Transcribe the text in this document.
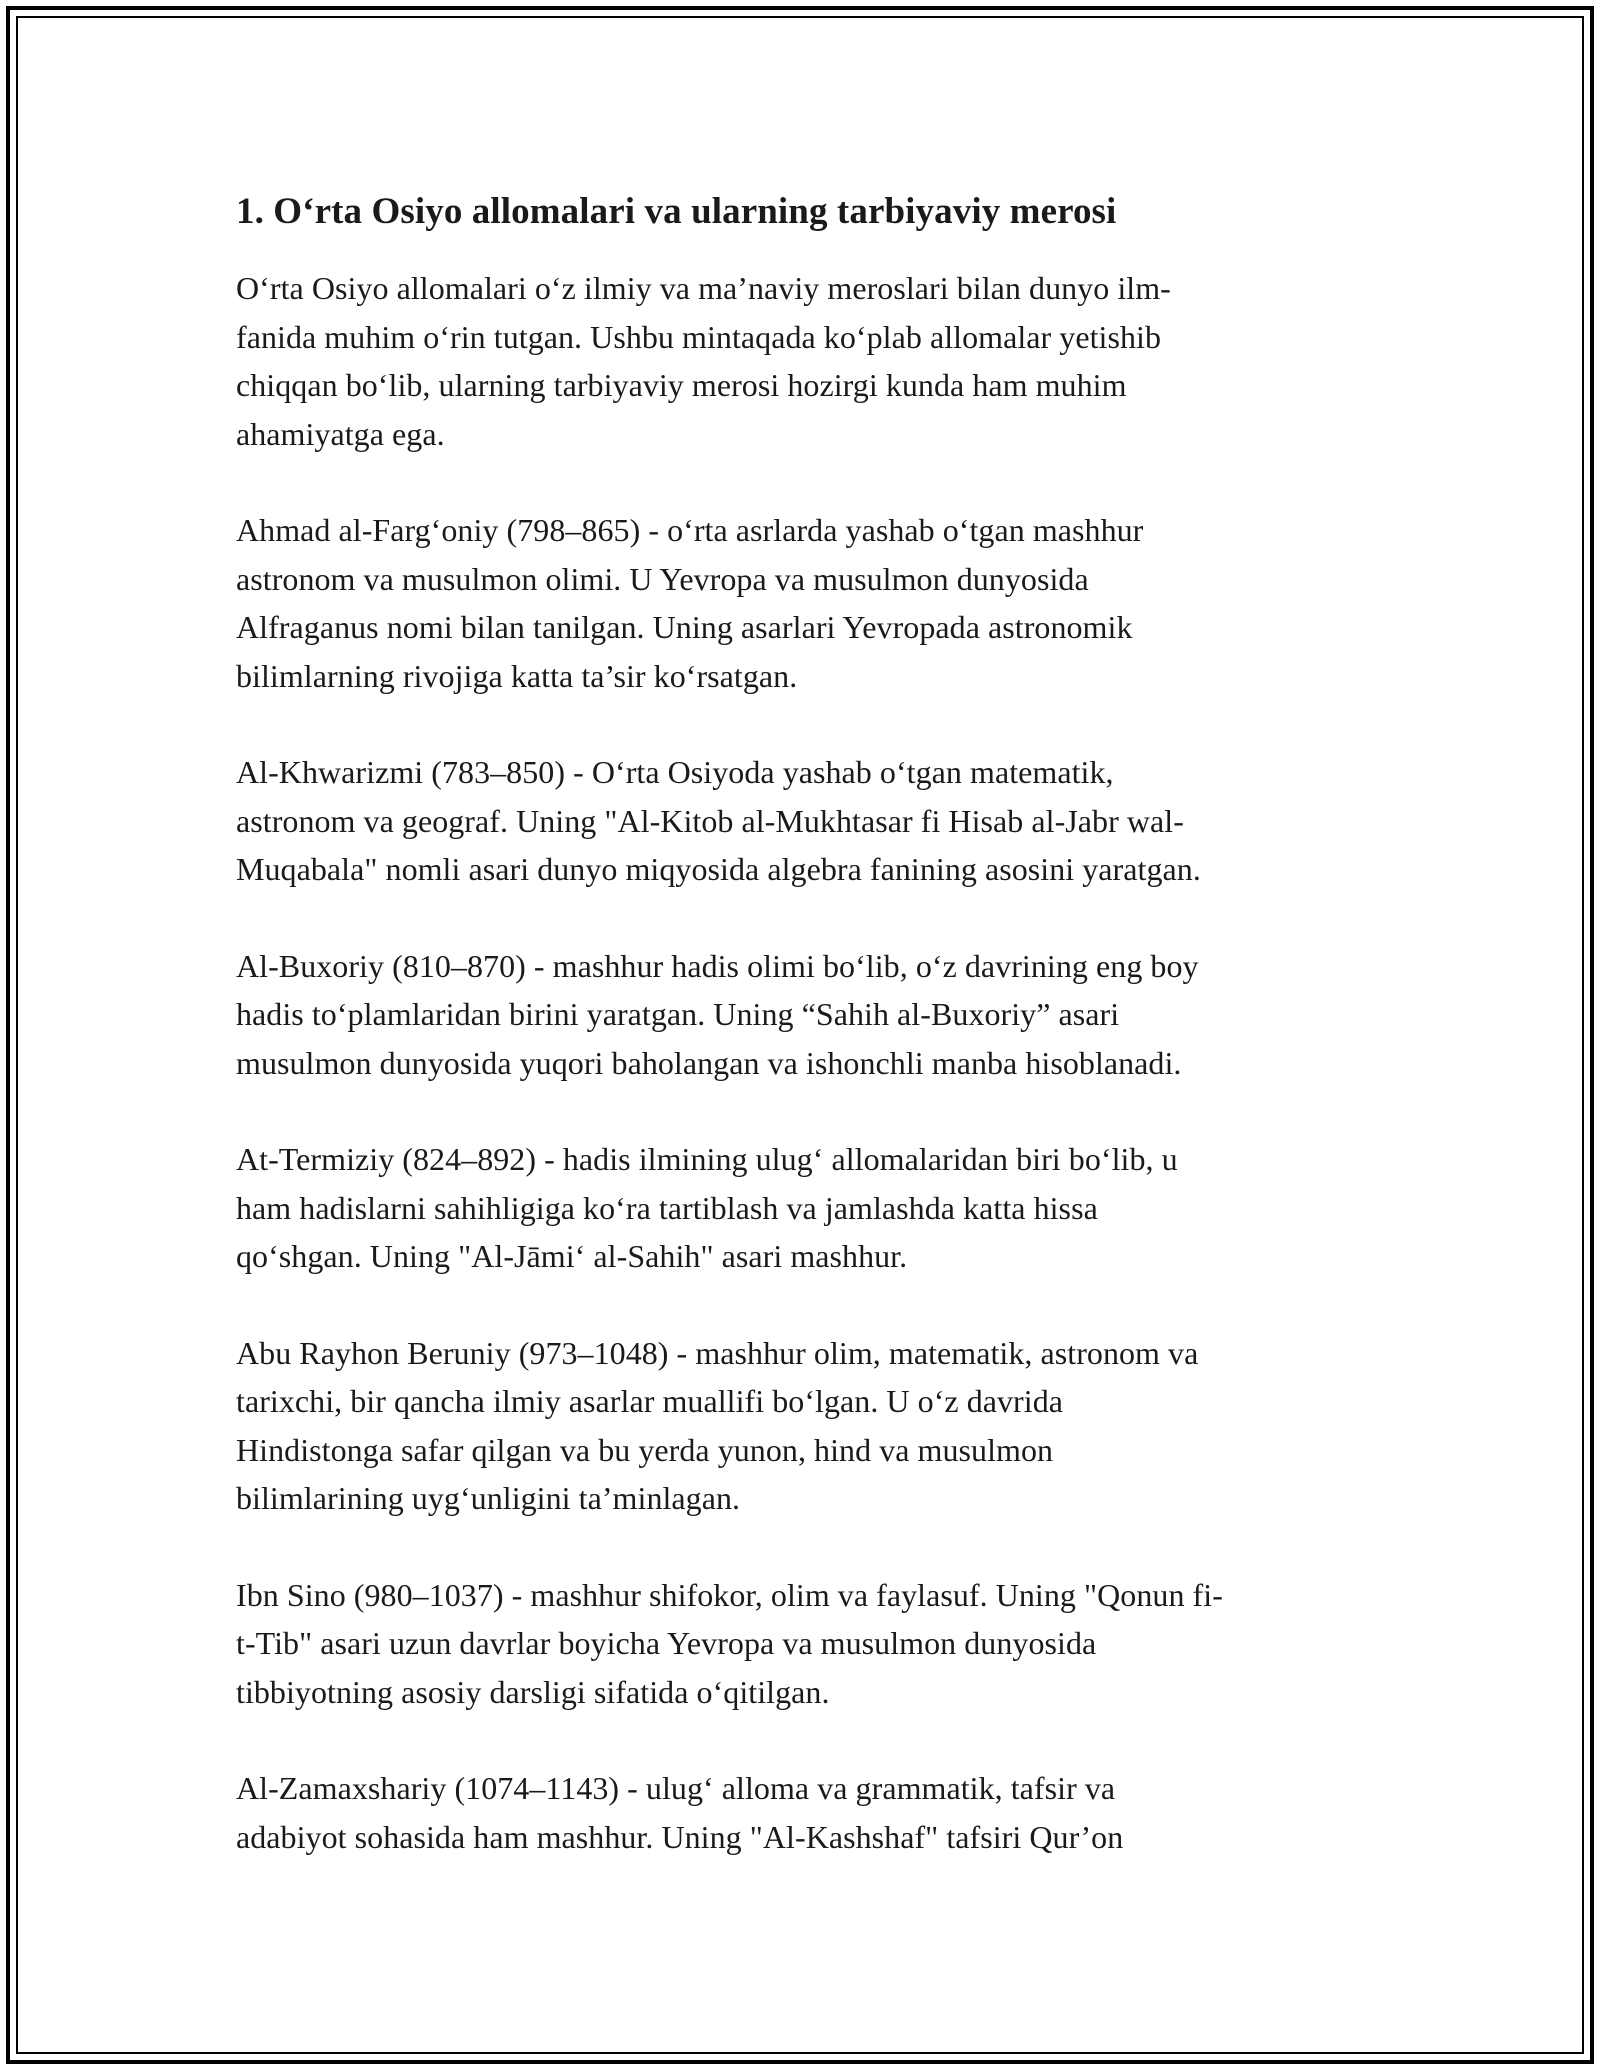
1. O‘rta Osiyo allomalari va ularning tarbiyaviy merosi

O‘rta Osiyo allomalari o‘z ilmiy va ma’naviy meroslari bilan dunyo ilm-
fanida muhim o‘rin tutgan. Ushbu mintaqada ko‘plab allomalar yetishib
chiqqan bo‘lib, ularning tarbiyaviy merosi hozirgi kunda ham muhim
ahamiyatga ega.

Ahmad al-Farg‘oniy (798–865) - o‘rta asrlarda yashab o‘tgan mashhur
astronom va musulmon olimi. U Yevropa va musulmon dunyosida
Alfraganus nomi bilan tanilgan. Uning asarlari Yevropada astronomik
bilimlarning rivojiga katta ta’sir ko‘rsatgan.

Al-Khwarizmi (783–850) - O‘rta Osiyoda yashab o‘tgan matematik,
astronom va geograf. Uning "Al-Kitob al-Mukhtasar fi Hisab al-Jabr wal-
Muqabala" nomli asari dunyo miqyosida algebra fanining asosini yaratgan.

Al-Buxoriy (810–870) - mashhur hadis olimi bo‘lib, o‘z davrining eng boy
hadis to‘plamlaridan birini yaratgan. Uning “Sahih al-Buxoriy” asari
musulmon dunyosida yuqori baholangan va ishonchli manba hisoblanadi.

At-Termiziy (824–892) - hadis ilmining ulug‘ allomalaridan biri bo‘lib, u
ham hadislarni sahihligiga ko‘ra tartiblash va jamlashda katta hissa
qo‘shgan. Uning "Al-Jāmi‘ al-Sahih" asari mashhur.

Abu Rayhon Beruniy (973–1048) - mashhur olim, matematik, astronom va
tarixchi, bir qancha ilmiy asarlar muallifi bo‘lgan. U o‘z davrida
Hindistonga safar qilgan va bu yerda yunon, hind va musulmon
bilimlarining uyg‘unligini ta’minlagan.

Ibn Sino (980–1037) - mashhur shifokor, olim va faylasuf. Uning "Qonun fi-
t-Tib" asari uzun davrlar boyicha Yevropa va musulmon dunyosida
tibbiyotning asosiy darsligi sifatida o‘qitilgan.

Al-Zamaxshariy (1074–1143) - ulug‘ alloma va grammatik, tafsir va
adabiyot sohasida ham mashhur. Uning "Al-Kashshaf" tafsiri Qur’on
